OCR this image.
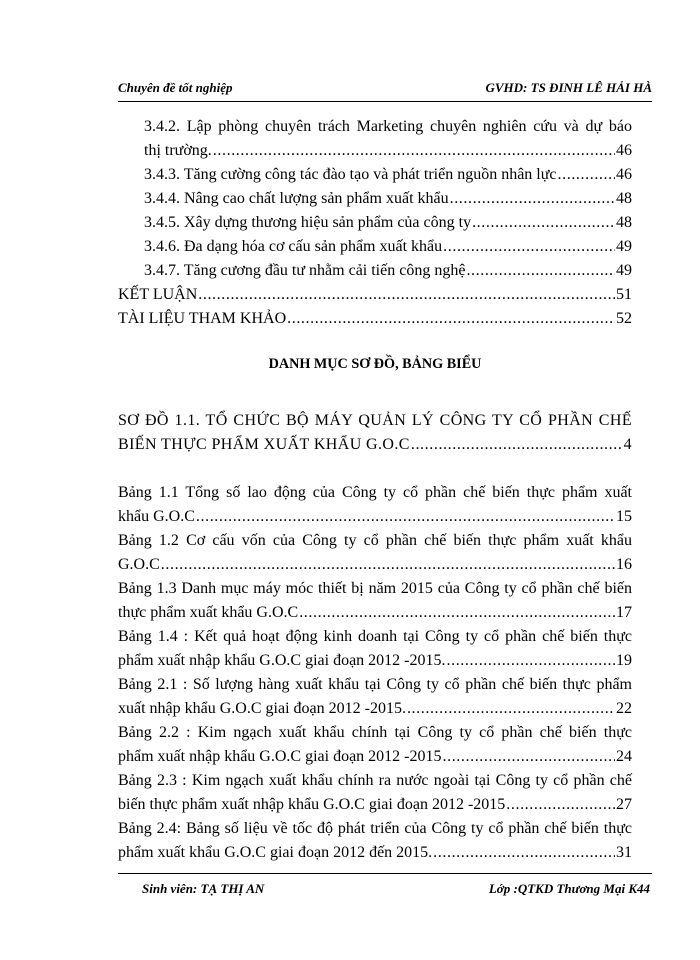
Chuyên đề tốt nghiệp	GVHD: TS ĐINH LÊ HẢI HÀ
3.4.2. Lập phòng chuyên trách Marketing chuyên nghiên cứu và dự báo
thị trường. .....	46
3.4.3. Tăng cường công tác đào tạo và phát triển nguồn nhân lực .....	46
3.4.4. Nâng cao chất lượng sản phẩm xuất khẩu .....	48
3.4.5. Xây dựng thương hiệu sản phẩm của công ty .....	48
3.4.6. Đa dạng hóa cơ cấu sản phẩm xuất khẩu .....	49
3.4.7. Tăng cương đầu tư nhằm cải tiến công nghệ .....	49
KẾT LUẬN .....	51
TÀI LIỆU THAM KHẢO .....	52
DANH MỤC SƠ ĐỒ, BẢNG BIỂU
SƠ ĐỒ 1.1. TỔ CHỨC BỘ MÁY QUẢN LÝ CÔNG TY CỔ PHẦN CHẾ
BIẾN THỰC PHẨM XUẤT KHẨU G.O.C .....	4
Bảng 1.1 Tổng số lao động của Công ty cổ phần chế biến thực phẩm xuất
khẩu G.O.C .....	15
Bảng 1.2 Cơ cấu vốn của Công ty cổ phần chế biến thực phẩm xuất khẩu
G.O.C .....	16
Bảng 1.3 Danh mục máy móc thiết bị năm 2015 của Công ty cổ phần chế biến
thực phẩm xuất khẩu G.O.C .....	17
Bảng 1.4 : Kết quả hoạt động kinh doanh tại Công ty cổ phần chế biến thực
phẩm xuất nhập khẩu G.O.C giai đoạn 2012 -2015. .....	19
Bảng 2.1 : Số lượng hàng xuất khẩu tại Công ty cổ phần chế biến thực phẩm
xuất nhập khẩu G.O.C giai đoạn 2012 -2015. .....	22
Bảng 2.2 : Kim ngạch xuất khẩu chính tại Công ty cổ phần chế biến thực
phẩm xuất nhập khẩu G.O.C giai đoạn 2012 -2015 .....	24
Bảng 2.3 : Kim ngạch xuất khẩu chính ra nước ngoài tại Công ty cổ phần chế
biến thực phẩm xuất nhập khẩu G.O.C giai đoạn 2012 -2015 .....	27
Bảng 2.4: Bảng số liệu về tốc độ phát triển của Công ty cổ phần chế biến thực
phẩm xuất khẩu G.O.C giai đoạn 2012 đến 2015. .....	31
Sinh viên: TẠ THỊ AN	Lớp :QTKD Thương Mại K44
